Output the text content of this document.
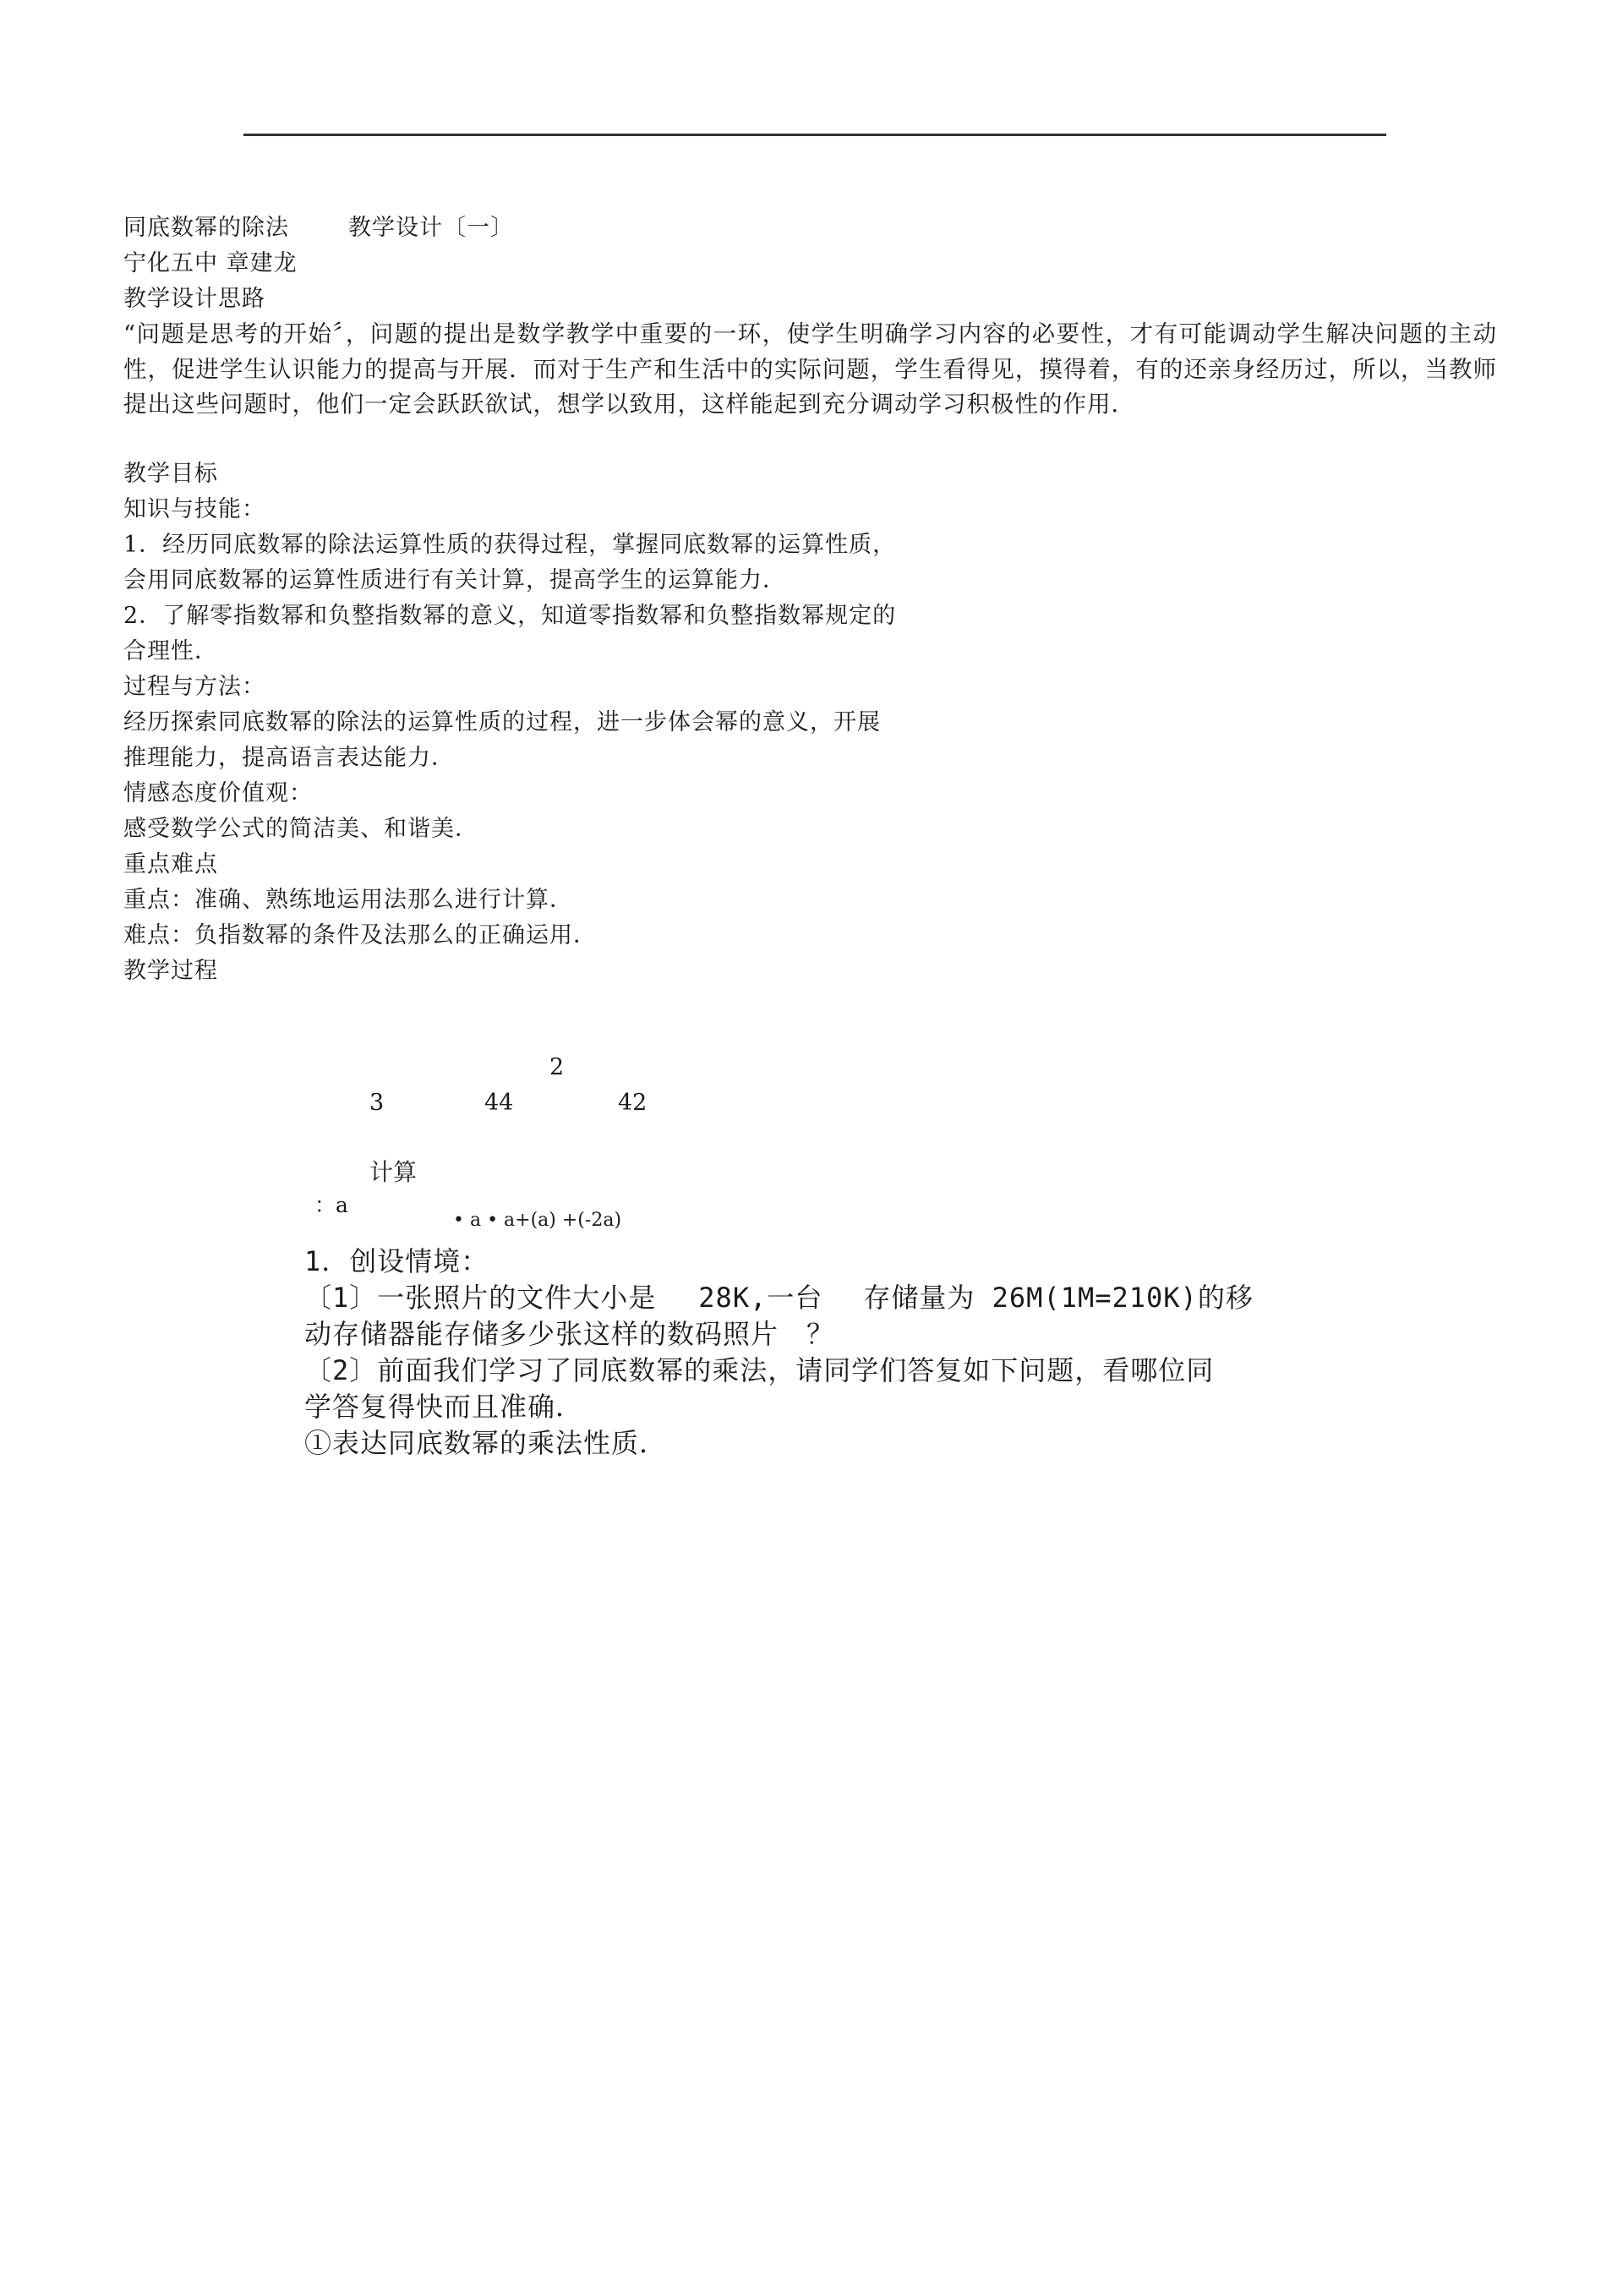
同底数幂的除法	教学设计〔一〕

宁化五中 章建龙

教学设计思路

“问题是思考的开始〞，问题的提出是数学教学中重要的一环，使学生明确学习内容的必要性，才有可能调动学生解决问题的主动性，促进学生认识能力的提高与开展．而对于生产和生活中的实际问题，学生看得见，摸得着，有的还亲身经历过，所以，当教师提出这些问题时，他们一定会跃跃欲试，想学以致用，这样能起到充分调动学习积极性的作用．

教学目标

知识与技能：

1．经历同底数幂的除法运算性质的获得过程，掌握同底数幂的运算性质，

会用同底数幂的运算性质进行有关计算，提高学生的运算能力．

2．了解零指数幂和负整指数幂的意义，知道零指数幂和负整指数幂规定的

合理性．

过程与方法：

经历探索同底数幂的除法的运算性质的过程，进一步体会幂的意义，开展

推理能力，提高语言表达能力．

情感态度价值观：

感受数学公式的简洁美、和谐美．

重点难点

重点：准确、熟练地运用法那么进行计算．

难点：负指数幂的条件及法那么的正确运用．

教学过程

2

3	44	42

计算

：a

• a • a+(a) +(-2a)

1．创设情境：

〔1〕一张照片的文件大小是 28K,一台 存储量为 26M(1M=210K)的移

动存储器能存储多少张这样的数码照片　？

〔2〕前面我们学习了同底数幂的乘法，请同学们答复如下问题，看哪位同

学答复得快而且准确．

①表达同底数幂的乘法性质．
